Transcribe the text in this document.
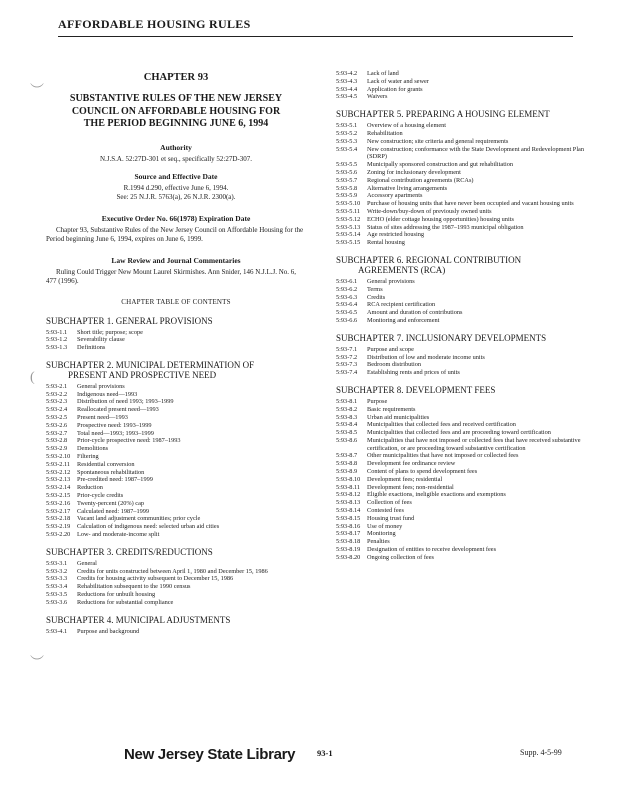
AFFORDABLE HOUSING RULES
CHAPTER 93
SUBSTANTIVE RULES OF THE NEW JERSEY
COUNCIL ON AFFORDABLE HOUSING FOR
THE PERIOD BEGINNING JUNE 6, 1994
Authority

N.J.S.A. 52:27D-301 et seq., specifically 52:27D-307.

Source and Effective Date

R.1994 d.290, effective June 6, 1994.

See: 25 N.J.R. 5763(a), 26 N.J.R. 2300(a).

Executive Order No. 66(1978) Expiration Date

Chapter 93, Substantive Rules of the New Jersey Council on Affordable Housing for the Period beginning June 6, 1994, expires on June 6, 1999.

Law Review and Journal Commentaries

Ruling Could Trigger New Mount Laurel Skirmishes. Ann Snider, 146 N.J.L.J. No. 6, 477 (1996).

CHAPTER TABLE OF CONTENTS
SUBCHAPTER 1. GENERAL PROVISIONS
5:93-1.1	Short title; purpose; scope
5:93-1.2	Severability clause
5:93-1.3	Definitions
SUBCHAPTER 2. MUNICIPAL DETERMINATION OF
PRESENT AND PROSPECTIVE NEED
5:93-2.1	General provisions
5:93-2.2	Indigenous need—1993
5:93-2.3	Distribution of need 1993; 1993–1999
5:93-2.4	Reallocated present need—1993
5:93-2.5	Present need—1993
5:93-2.6	Prospective need: 1993–1999
5:93-2.7	Total need—1993; 1993–1999
5:93-2.8	Prior-cycle prospective need: 1987–1993
5:93-2.9	Demolitions
5:93-2.10	Filtering
5:93-2.11	Residential conversion
5:93-2.12	Spontaneous rehabilitation
5:93-2.13	Pre-credited need: 1987–1999
5:93-2.14	Reduction
5:93-2.15	Prior-cycle credits
5:93-2.16	Twenty-percent (20%) cap
5:93-2.17	Calculated need: 1987–1999
5:93-2.18	Vacant land adjustment communities; prior cycle
5:93-2.19	Calculation of indigenous need: selected urban aid cities
5:93-2.20	Low- and moderate-income split
SUBCHAPTER 3. CREDITS/REDUCTIONS
5:93-3.1	General
5:93-3.2	Credits for units constructed between April 1, 1980 and December 15, 1986
5:93-3.3	Credits for housing activity subsequent to December 15, 1986
5:93-3.4	Rehabilitation subsequent to the 1990 census
5:93-3.5	Reductions for unbuilt housing
5:93-3.6	Reductions for substantial compliance
SUBCHAPTER 4. MUNICIPAL ADJUSTMENTS
5:93-4.1	Purpose and background
5:93-4.2	Lack of land
5:93-4.3	Lack of water and sewer
5:93-4.4	Application for grants
5:93-4.5	Waivers
SUBCHAPTER 5. PREPARING A HOUSING ELEMENT
5:93-5.1	Overview of a housing element
5:93-5.2	Rehabilitation
5:93-5.3	New construction; site criteria and general requirements
5:93-5.4	New construction; conformance with the State Development and Redevelopment Plan (SDRP)
5:93-5.5	Municipally sponsored construction and gut rehabilitation
5:93-5.6	Zoning for inclusionary development
5:93-5.7	Regional contribution agreements (RCAs)
5:93-5.8	Alternative living arrangements
5:93-5.9	Accessory apartments
5:93-5.10	Purchase of housing units that have never been occupied and vacant housing units
5:93-5.11	Write-down/buy-down of previously owned units
5:93-5.12	ECHO (elder cottage housing opportunities) housing units
5:93-5.13	Status of sites addressing the 1987–1993 municipal obligation
5:93-5.14	Age restricted housing
5:93-5.15	Rental housing
SUBCHAPTER 6. REGIONAL CONTRIBUTION
AGREEMENTS (RCA)
5:93-6.1	General provisions
5:93-6.2	Terms
5:93-6.3	Credits
5:93-6.4	RCA recipient certification
5:93-6.5	Amount and duration of contributions
5:93-6.6	Monitoring and enforcement
SUBCHAPTER 7. INCLUSIONARY DEVELOPMENTS
5:93-7.1	Purpose and scope
5:93-7.2	Distribution of low and moderate income units
5:93-7.3	Bedroom distribution
5:93-7.4	Establishing rents and prices of units
SUBCHAPTER 8. DEVELOPMENT FEES
5:93-8.1	Purpose
5:93-8.2	Basic requirements
5:93-8.3	Urban aid municipalities
5:93-8.4	Municipalities that collected fees and received certification
5:93-8.5	Municipalities that collected fees and are proceeding toward certification
5:93-8.6	Municipalities that have not imposed or collected fees that have received substantive certification, or are proceeding toward substantive certification
5:93-8.7	Other municipalities that have not imposed or collected fees
5:93-8.8	Development fee ordinance review
5:93-8.9	Content of plans to spend development fees
5:93-8.10	Development fees; residential
5:93-8.11	Development fees; non-residential
5:93-8.12	Eligible exactions, ineligible exactions and exemptions
5:93-8.13	Collection of fees
5:93-8.14	Contested fees
5:93-8.15	Housing trust fund
5:93-8.16	Use of money
5:93-8.17	Monitoring
5:93-8.18	Penalties
5:93-8.19	Designation of entities to receive development fees
5:93-8.20	Ongoing collection of fees
︶
(
︶
New Jersey State Library	93-1	Supp. 4-5-99
